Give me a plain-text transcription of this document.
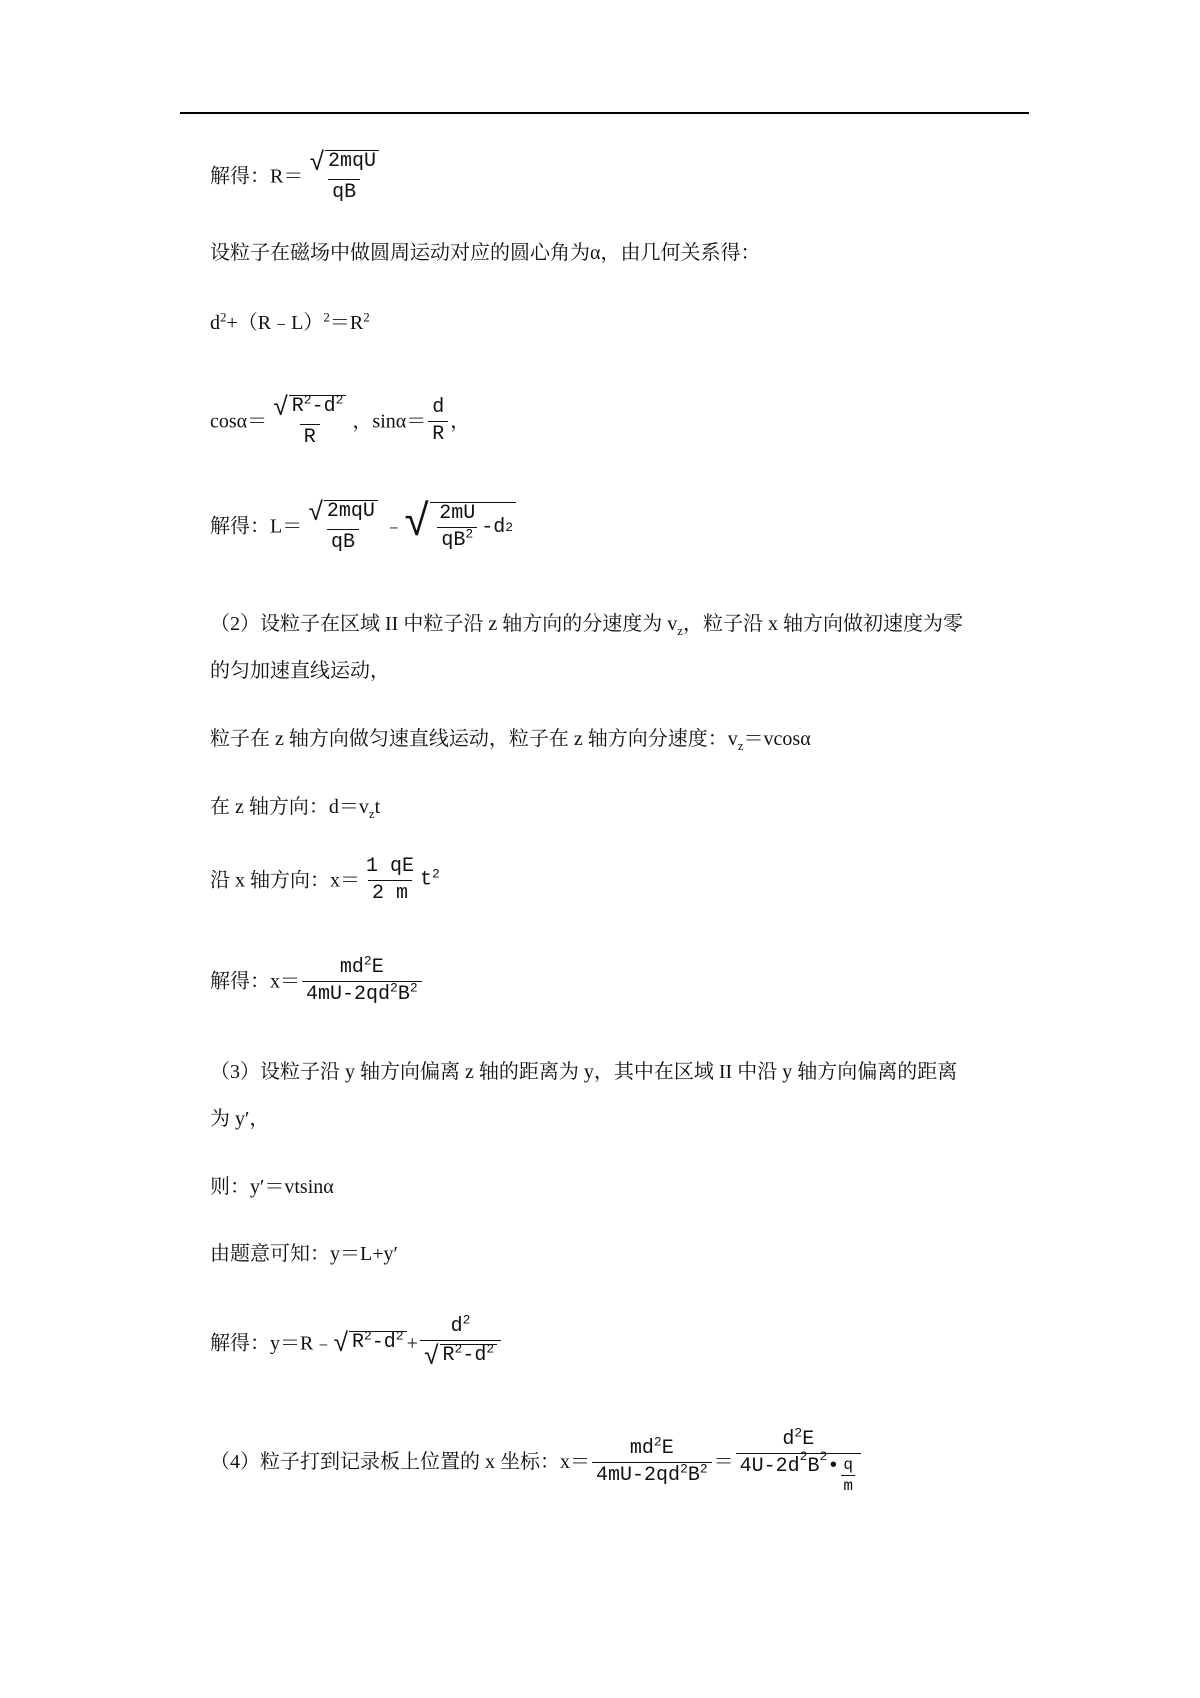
解得：$R= \frac{\text{√ 2mqU}}{qB}$
设粒子在磁场中做圆周运动对应的圆心角为α，由几何关系得：
$d^2+(R﹣L)^2=R^2$
$\cos\alpha= \frac{√ R^2-d^2}{R}$ ，$\sin\alpha= \frac{d}{R}$ ，
解得：$L= \frac{\text{√ 2mqU}}{qB}$ ﹣ √ $\frac{2mU}{qB^2} -d$ 2
（2）设粒子在区域 II 中粒子沿 z 轴方向的分速度为 $v_z$，粒子沿 x 轴方向做初速度为零
的匀加速直线运动，
粒子在 z 轴方向做匀速直线运动，粒子在 z 轴方向分速度：$v_z=vcos\alpha$
在 z 轴方向：$d=v_zt$
沿 x 轴方向：$x= \frac{1 qE}{2 m} t^2$
解得：$x= \frac{md^2E}{4mU-2qd^2B^2}$
（3）设粒子沿 y 轴方向偏离 z 轴的距离为 y，其中在区域 II 中沿 y 轴方向偏离的距离
为 y′，
则：y′＝vtsinα
由题意可知：y＝L+y′
解得：y＝R﹣ √ $R^2-d^2 + \frac{d^2}{√ R^2-d^2}$
（4）粒子打到记录板上位置的 x 坐标：$x= \frac{md^2E}{4mU-2qd^2B^2} = \frac{d^2E}{4U-2d 2 B 2 • \frac{q}{m}}$
